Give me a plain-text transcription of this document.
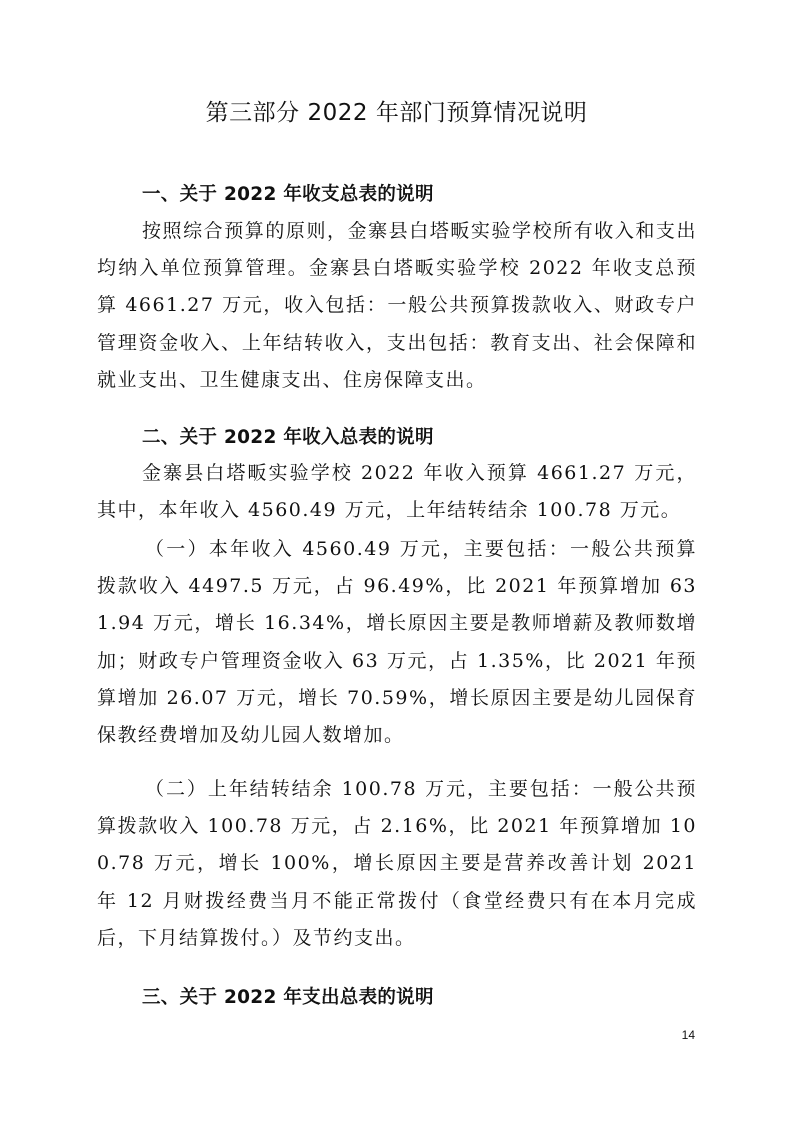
第三部分 2022 年部门预算情况说明
一、关于 2022 年收支总表的说明
按照综合预算的原则，金寨县白塔畈实验学校所有收入和支出均纳入单位预算管理。金寨县白塔畈实验学校 2022 年收支总预算 4661.27 万元，收入包括：一般公共预算拨款收入、财政专户管理资金收入、上年结转收入，支出包括：教育支出、社会保障和就业支出、卫生健康支出、住房保障支出。
二、关于 2022 年收入总表的说明
金寨县白塔畈实验学校 2022 年收入预算 4661.27 万元，其中，本年收入 4560.49 万元，上年结转结余 100.78 万元。
（一）本年收入 4560.49 万元，主要包括：一般公共预算拨款收入 4497.5 万元，占 96.49%，比 2021 年预算增加 631.94 万元，增长 16.34%，增长原因主要是教师增薪及教师数增加；财政专户管理资金收入 63 万元，占 1.35%，比 2021 年预算增加 26.07 万元，增长 70.59%，增长原因主要是幼儿园保育保教经费增加及幼儿园人数增加。
（二）上年结转结余 100.78 万元，主要包括：一般公共预算拨款收入 100.78 万元，占 2.16%，比 2021 年预算增加 100.78 万元，增长 100%，增长原因主要是营养改善计划 2021 年 12 月财拨经费当月不能正常拨付（食堂经费只有在本月完成后，下月结算拨付。）及节约支出。
三、关于 2022 年支出总表的说明
14
